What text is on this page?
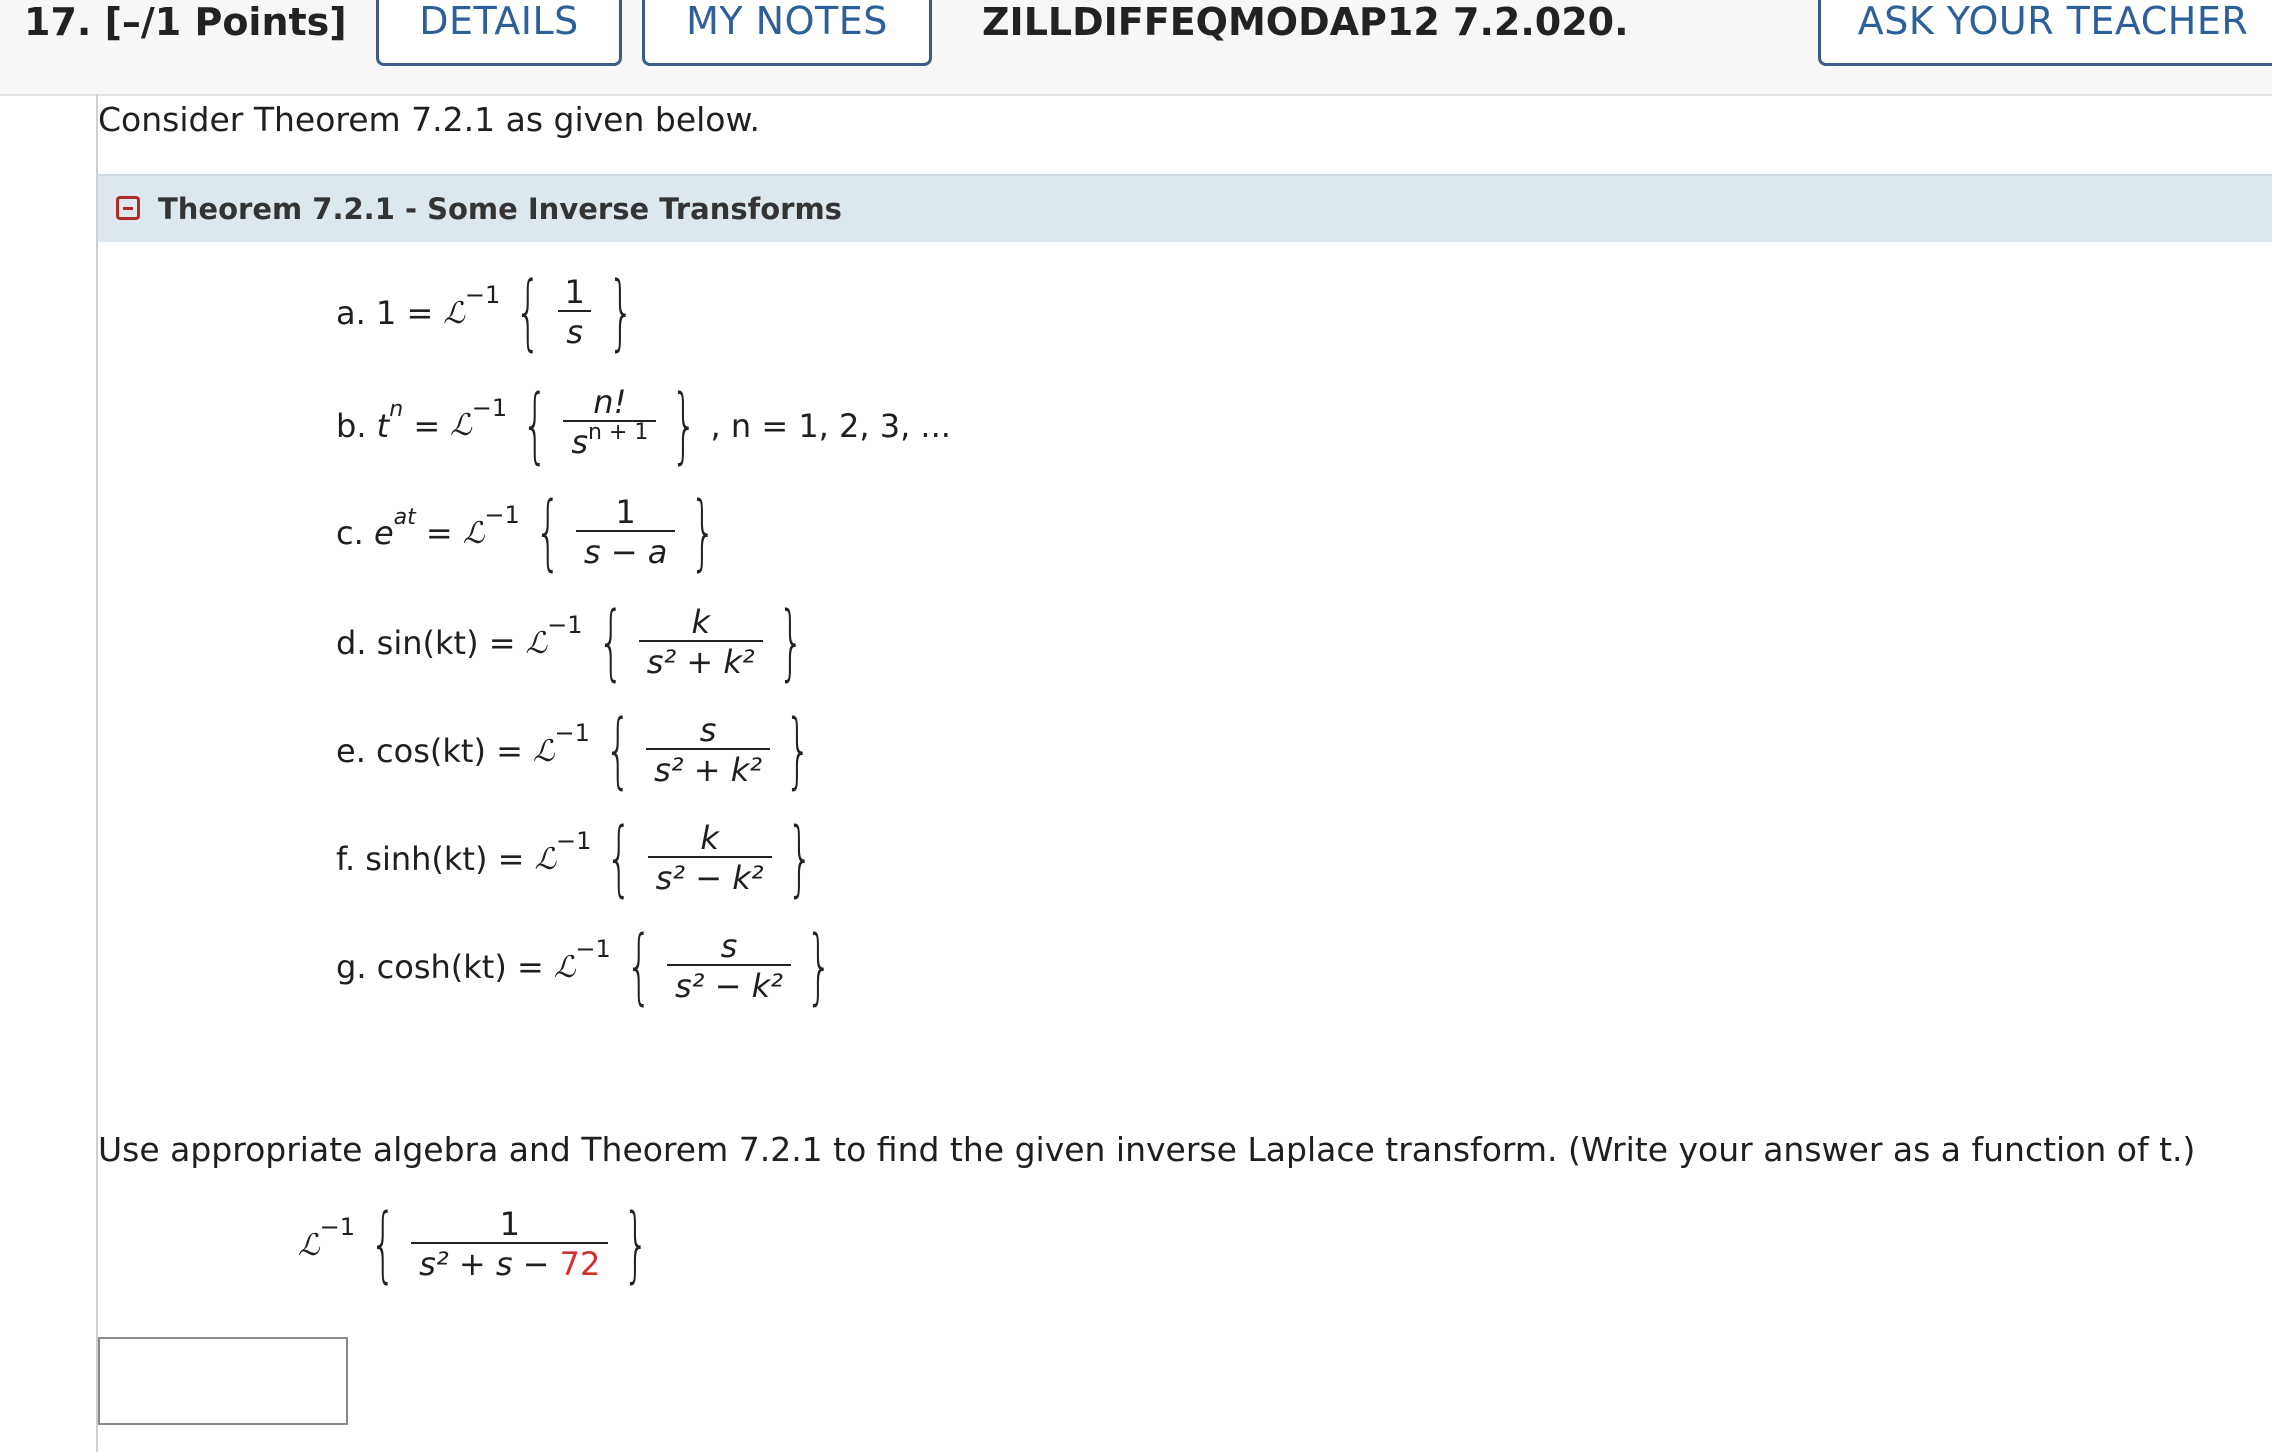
17. [–/1 Points]	DETAILS	MY NOTES	ZILLDIFFEQMODAP12 7.2.020.	ASK YOUR TEACHER
Consider Theorem 7.2.1 as given below.
Theorem 7.2.1 - Some Inverse Transforms
a.
1
= ℒ
−1 { $\frac{1}{s}$ }
b.
t n
= ℒ
−1 { $\frac{n!}{s^{n + 1}}$ } , n = 1, 2, 3, ...
c.
e at
= ℒ
−1 { $\frac{1}{s - a}$ }
d.
sin(kt)
= ℒ
−1 { $\frac{k}{\text{s² + k²}}$ }
e.
cos(kt)
= ℒ
−1 { $\frac{s}{\text{s² + k²}}$ }
f.
sinh(kt)
= ℒ
−1 { $\frac{k}{\text{s² − k²}}$ }
g.
cosh(kt)
= ℒ
−1 { $\frac{s}{\text{s² − k²}}$ }
Use appropriate algebra and Theorem 7.2.1 to find the given inverse Laplace transform. (Write your answer as a function of t.)
ℒ
−1 { $\frac{1}{\text{s² + s − 72}}$ }
